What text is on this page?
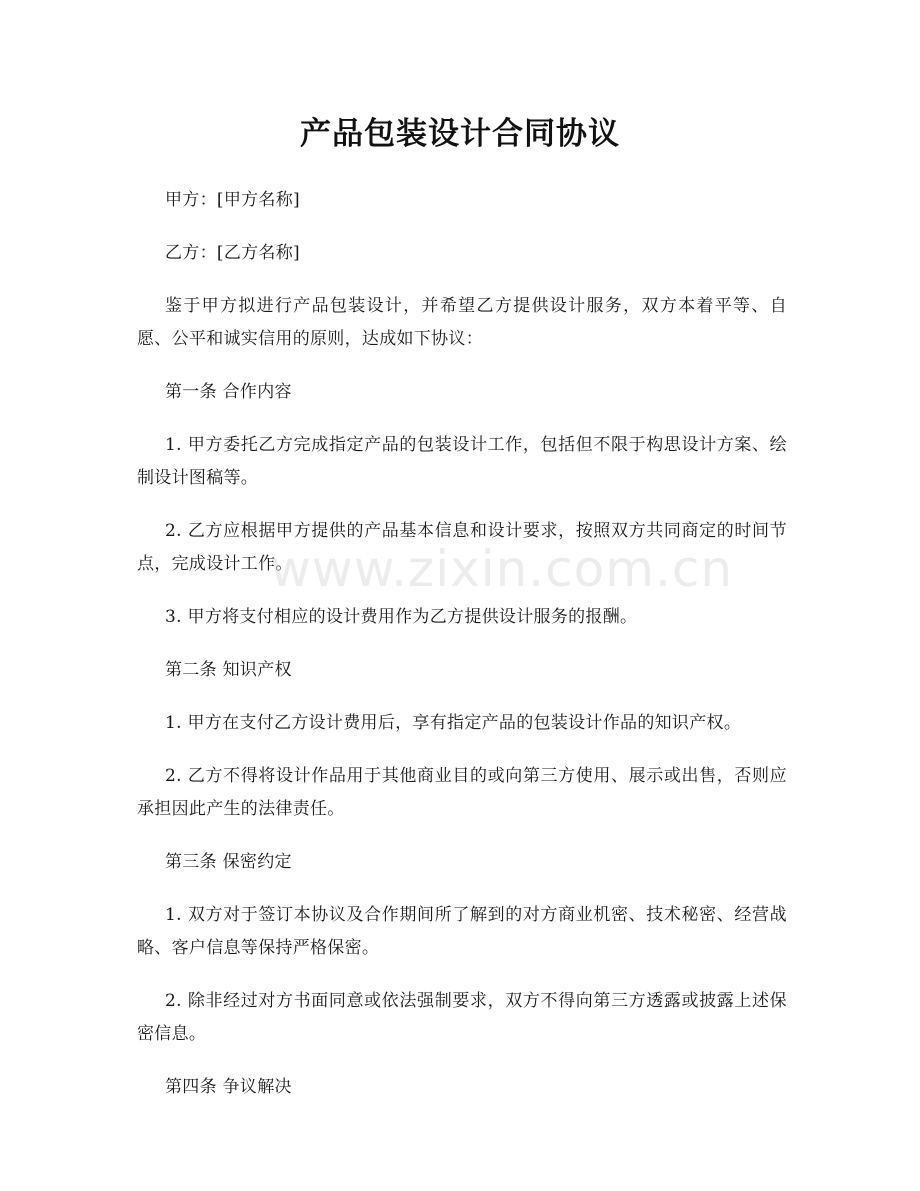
产品包装设计合同协议

甲方：[甲方名称]

乙方：[乙方名称]

鉴于甲方拟进行产品包装设计，并希望乙方提供设计服务，双方本着平等、自愿、公平和诚实信用的原则，达成如下协议：

第一条 合作内容

1. 甲方委托乙方完成指定产品的包装设计工作，包括但不限于构思设计方案、绘制设计图稿等。

2. 乙方应根据甲方提供的产品基本信息和设计要求，按照双方共同商定的时间节点，完成设计工作。

3. 甲方将支付相应的设计费用作为乙方提供设计服务的报酬。

第二条 知识产权

1. 甲方在支付乙方设计费用后，享有指定产品的包装设计作品的知识产权。

2. 乙方不得将设计作品用于其他商业目的或向第三方使用、展示或出售，否则应承担因此产生的法律责任。

第三条 保密约定

1. 双方对于签订本协议及合作期间所了解到的对方商业机密、技术秘密、经营战略、客户信息等保持严格保密。

2. 除非经过对方书面同意或依法强制要求，双方不得向第三方透露或披露上述保密信息。

第四条 争议解决

www.zixin.com.cn
